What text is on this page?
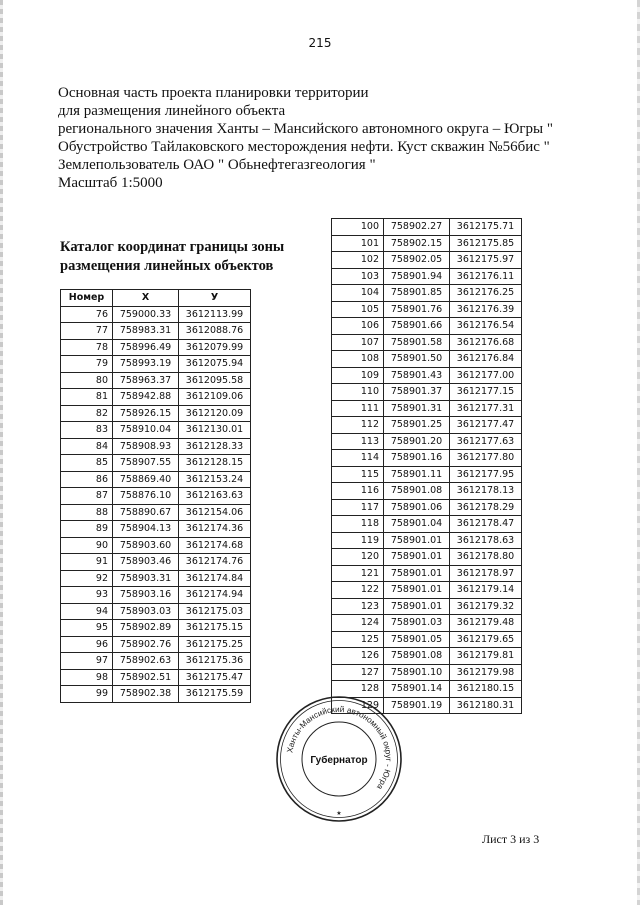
215
Основная часть проекта планировки территории
для размещения линейного объекта
регионального значения Ханты – Мансийского автономного округа – Югры "
Обустройство Тайлаковского месторождения нефти. Куст скважин №56бис "
Землепользователь ОАО " Обьнефтегазгеология "
Масштаб 1:5000
Каталог координат границы зоны размещения линейных объектов
Номер	X	У
76	759000.33	3612113.99
77	758983.31	3612088.76
78	758996.49	3612079.99
79	758993.19	3612075.94
80	758963.37	3612095.58
81	758942.88	3612109.06
82	758926.15	3612120.09
83	758910.04	3612130.01
84	758908.93	3612128.33
85	758907.55	3612128.15
86	758869.40	3612153.24
87	758876.10	3612163.63
88	758890.67	3612154.06
89	758904.13	3612174.36
90	758903.60	3612174.68
91	758903.46	3612174.76
92	758903.31	3612174.84
93	758903.16	3612174.94
94	758903.03	3612175.03
95	758902.89	3612175.15
96	758902.76	3612175.25
97	758902.63	3612175.36
98	758902.51	3612175.47
99	758902.38	3612175.59
100	758902.27	3612175.71
101	758902.15	3612175.85
102	758902.05	3612175.97
103	758901.94	3612176.11
104	758901.85	3612176.25
105	758901.76	3612176.39
106	758901.66	3612176.54
107	758901.58	3612176.68
108	758901.50	3612176.84
109	758901.43	3612177.00
110	758901.37	3612177.15
111	758901.31	3612177.31
112	758901.25	3612177.47
113	758901.20	3612177.63
114	758901.16	3612177.80
115	758901.11	3612177.95
116	758901.08	3612178.13
117	758901.06	3612178.29
118	758901.04	3612178.47
119	758901.01	3612178.63
120	758901.01	3612178.80
121	758901.01	3612178.97
122	758901.01	3612179.14
123	758901.01	3612179.32
124	758901.03	3612179.48
125	758901.05	3612179.65
126	758901.08	3612179.81
127	758901.10	3612179.98
128	758901.14	3612180.15
129	758901.19	3612180.31
Ханты-Мансийский автономный округ - Югра
Губернатор
★
Лист 3 из 3
